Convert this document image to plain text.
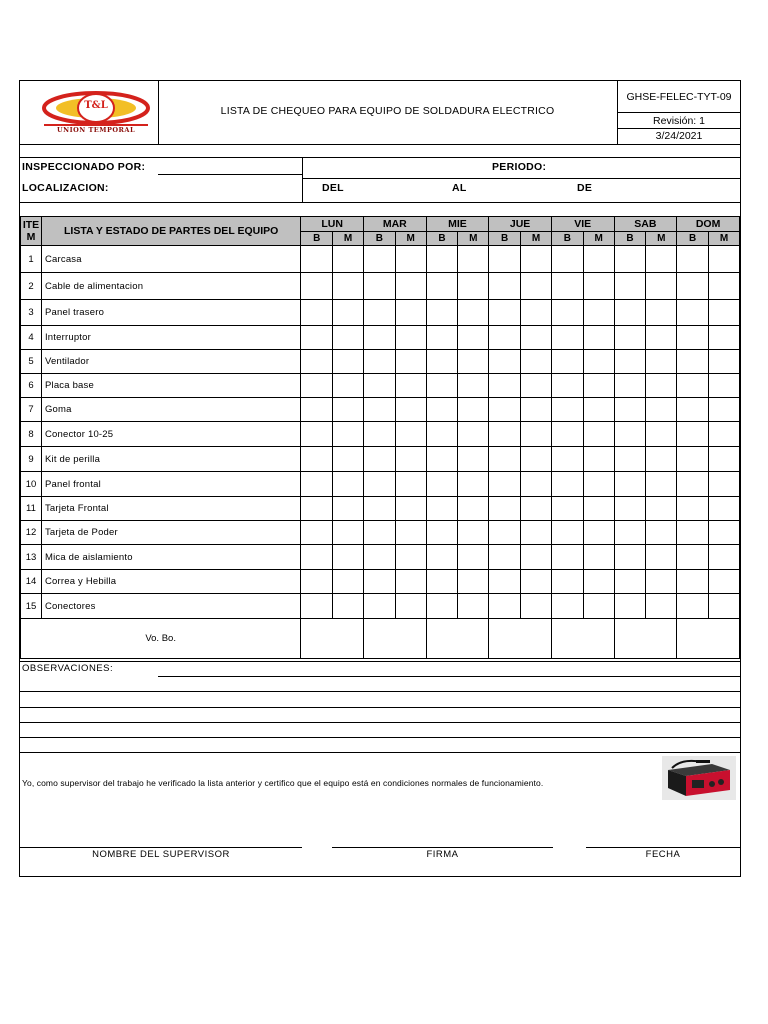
T&L
UNION TEMPORAL
LISTA DE CHEQUEO PARA EQUIPO DE SOLDADURA ELECTRICO
GHSE-FELEC-TYT-09
Revisión: 1
3/24/2021
INSPECCIONADO POR:	PERIODO:
LOCALIZACION:	DEL	AL	DE
ITE M	LISTA Y ESTADO DE PARTES DEL EQUIPO	LUN		MAR		MIE		JUE		VIE		SAB		DOM	
		B	M	B	M	B	M	B	M	B	M	B	M	B	M
1	Carcasa														
2	Cable de alimentacion														
3	Panel trasero														
4	Interruptor														
5	Ventilador														
6	Placa base														
7	Goma														
8	Conector 10-25														
9	Kit de perilla														
10	Panel frontal														
11	Tarjeta Frontal														
12	Tarjeta de Poder														
13	Mica de aislamiento														
14	Correa y Hebilla														
15	Conectores														
Vo. Bo.															
OBSERVACIONES:
Yo, como supervisor del trabajo he verificado la lista anterior y certifico que el equipo está en condiciones normales de funcionamiento.
NOMBRE DEL SUPERVISOR	FIRMA	FECHA
